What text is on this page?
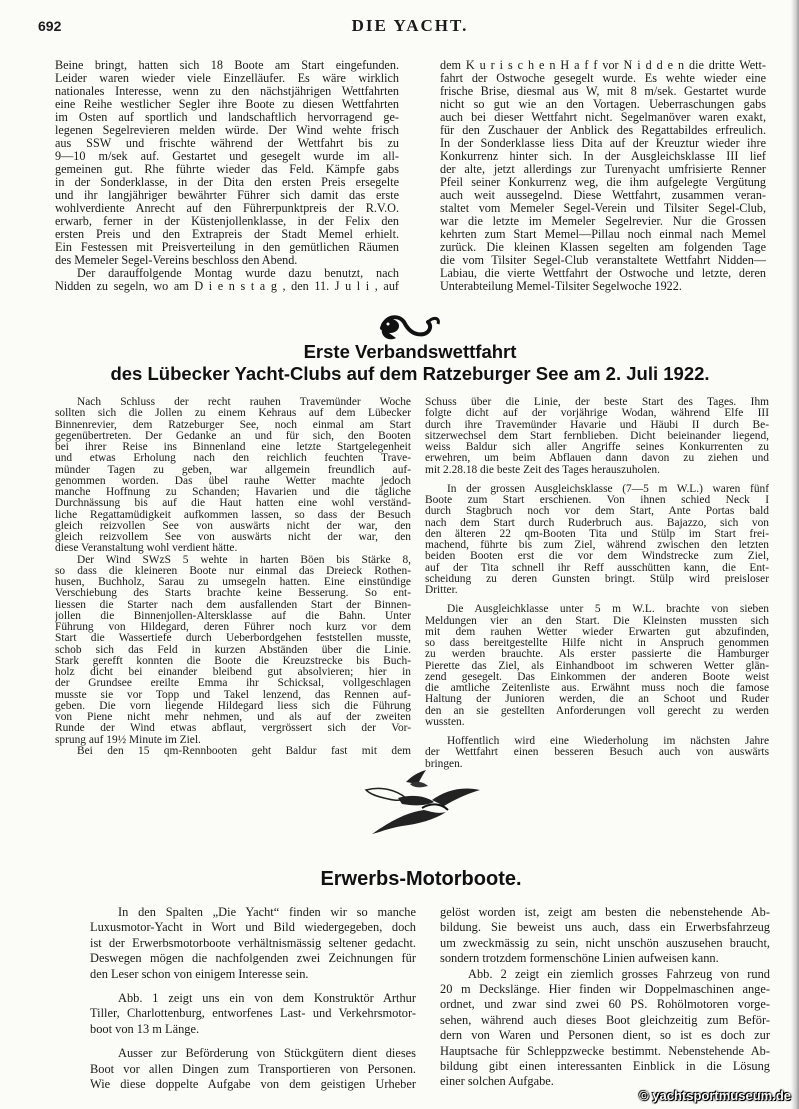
692	DIE YACHT.
Beine bringt, hatten sich 18 Boote am Start eingefunden.
Leider waren wieder viele Einzelläufer. Es wäre wirklich
nationales Interesse, wenn zu den nächstjährigen Wettfahrten
eine Reihe westlicher Segler ihre Boote zu diesen Wettfahrten
im Osten auf sportlich und landschaftlich hervorragend ge-
legenen Segelrevieren melden würde. Der Wind wehte frisch
aus SSW und frischte während der Wettfahrt bis zu
9—10 m/sek auf. Gestartet und gesegelt wurde im all-
gemeinen gut. Rhe führte wieder das Feld. Kämpfe gabs
in der Sonderklasse, in der Dita den ersten Preis ersegelte
und ihr langjähriger bewährter Führer sich damit das erste
wohlverdiente Anrecht auf den Führerpunktpreis der R.V.O.
erwarb, ferner in der Küstenjollenklasse, in der Felix den
ersten Preis und den Extrapreis der Stadt Memel erhielt.
Ein Festessen mit Preisverteilung in den gemütlichen Räumen
des Memeler Segel-Vereins beschloss den Abend.
Der darauffolgende Montag wurde dazu benutzt, nach
Nidden zu segeln, wo am D i e n s t a g , den 11. J u l i , auf
dem K u r i s c h e n H a f f vor N i d d e n die dritte Wett-
fahrt der Ostwoche gesegelt wurde. Es wehte wieder eine
frische Brise, diesmal aus W, mit 8 m/sek. Gestartet wurde
nicht so gut wie an den Vortagen. Ueberraschungen gabs
auch bei dieser Wettfahrt nicht. Segelmanöver waren exakt,
für den Zuschauer der Anblick des Regattabildes erfreulich.
In der Sonderklasse liess Dita auf der Kreuztur wieder ihre
Konkurrenz hinter sich. In der Ausgleichsklasse III lief
der alte, jetzt allerdings zur Turenyacht umfrisierte Renner
Pfeil seiner Konkurrenz weg, die ihm aufgelegte Vergütung
auch weit aussegelnd. Diese Wettfahrt, zusammen veran-
staltet vom Memeler Segel-Verein und Tilsiter Segel-Club,
war die letzte im Memeler Segelrevier. Nur die Grossen
kehrten zum Start Memel—Pillau noch einmal nach Memel
zurück. Die kleinen Klassen segelten am folgenden Tage
die vom Tilsiter Segel-Club veranstaltete Wettfahrt Nidden—
Labiau, die vierte Wettfahrt der Ostwoche und letzte, deren
Unterabteilung Memel-Tilsiter Segelwoche 1922.
Erste Verbandswettfahrt
des Lübecker Yacht-Clubs auf dem Ratzeburger See am 2. Juli 1922.
Nach Schluss der recht rauhen Travemünder Woche
sollten sich die Jollen zu einem Kehraus auf dem Lübecker
Binnenrevier, dem Ratzeburger See, noch einmal am Start
gegenübertreten. Der Gedanke an und für sich, den Booten
bei ihrer Reise ins Binnenland eine letzte Startgelegenheit
und etwas Erholung nach den reichlich feuchten Trave-
münder Tagen zu geben, war allgemein freundlich auf-
genommen worden. Das übel rauhe Wetter machte jedoch
manche Hoffnung zu Schanden; Havarien und die tägliche
Durchnässung bis auf die Haut hatten eine wohl verständ-
liche Regattamüdigkeit aufkommen lassen, so dass der Besuch
gleich reizvollen See von auswärts nicht der war, den
gleich reizvollem See von auswärts nicht der war, den
diese Veranstaltung wohl verdient hätte.
Der Wind SWzS 5 wehte in harten Böen bis Stärke 8,
so dass die kleineren Boote nur einmal das Dreieck Rothen-
husen, Buchholz, Sarau zu umsegeln hatten. Eine einstündige
Verschiebung des Starts brachte keine Besserung. So ent-
liessen die Starter nach dem ausfallenden Start der Binnen-
jollen die Binnenjollen-Altersklasse auf die Bahn. Unter
Führung von Hildegard, deren Führer noch kurz vor dem
Start die Wassertiefe durch Ueberbordgehen feststellen musste,
schob sich das Feld in kurzen Abständen über die Linie.
Stark gerefft konnten die Boote die Kreuzstrecke bis Buch-
holz dicht bei einander bleibend gut absolvieren; hier in
der Grundsee ereilte Emma ihr Schicksal, vollgeschlagen
musste sie vor Topp und Takel lenzend, das Rennen auf-
geben. Die vorn liegende Hildegard liess sich die Führung
von Piene nicht mehr nehmen, und als auf der zweiten
Runde der Wind etwas abflaut, vergrössert sich der Vor-
sprung auf 19½ Minute im Ziel.
Bei den 15 qm-Rennbooten geht Baldur fast mit dem
Schuss über die Linie, der beste Start des Tages. Ihm
folgte dicht auf der vorjährige Wodan, während Elfe III
durch ihre Travemünder Havarie und Häubi II durch Be-
sitzerwechsel dem Start fernblieben. Dicht beieinander liegend,
weiss Baldur sich aller Angriffe seines Konkurrenten zu
erwehren, um beim Abflauen dann davon zu ziehen und
mit 2.28.18 die beste Zeit des Tages herauszuholen.
In der grossen Ausgleichsklasse (7—5 m W.L.) waren fünf
Boote zum Start erschienen. Von ihnen schied Neck I
durch Stagbruch noch vor dem Start, Ante Portas bald
nach dem Start durch Ruderbruch aus. Bajazzo, sich von
den älteren 22 qm-Booten Tita und Stülp im Start frei-
machend, führte bis zum Ziel, während zwischen den letzten
beiden Booten erst die vor dem Windstrecke zum Ziel,
auf der Tita schnell ihr Reff ausschütten kann, die Ent-
scheidung zu deren Gunsten bringt. Stülp wird preisloser
Dritter.
Die Ausgleichklasse unter 5 m W.L. brachte von sieben
Meldungen vier an den Start. Die Kleinsten mussten sich
mit dem rauhen Wetter wieder Erwarten gut abzufinden,
so dass bereitgestellte Hilfe nicht in Anspruch genommen
zu werden brauchte. Als erster passierte die Hamburger
Pierette das Ziel, als Einhandboot im schweren Wetter glän-
zend gesegelt. Das Einkommen der anderen Boote weist
die amtliche Zeitenliste aus. Erwähnt muss noch die famose
Haltung der Junioren werden, die an Schoot und Ruder
den an sie gestellten Anforderungen voll gerecht zu werden
wussten.
Hoffentlich wird eine Wiederholung im nächsten Jahre
der Wettfahrt einen besseren Besuch auch von auswärts
bringen.
Erwerbs-Motorboote.
In den Spalten „Die Yacht“ finden wir so manche
Luxusmotor-Yacht in Wort und Bild wiedergegeben, doch
ist der Erwerbsmotorboote verhältnismässig seltener gedacht.
Deswegen mögen die nachfolgenden zwei Zeichnungen für
den Leser schon von einigem Interesse sein.
Abb. 1 zeigt uns ein von dem Konstruktör Arthur
Tiller, Charlottenburg, entworfenes Last- und Verkehrsmotor-
boot von 13 m Länge.
Ausser zur Beförderung von Stückgütern dient dieses
Boot vor allen Dingen zum Transportieren von Personen.
Wie diese doppelte Aufgabe von dem geistigen Urheber
gelöst worden ist, zeigt am besten die nebenstehende Ab-
bildung. Sie beweist uns auch, dass ein Erwerbsfahrzeug
um zweckmässig zu sein, nicht unschön auszusehen braucht,
sondern trotzdem formenschöne Linien aufweisen kann.
Abb. 2 zeigt ein ziemlich grosses Fahrzeug von rund
20 m Deckslänge. Hier finden wir Doppelmaschinen ange-
ordnet, und zwar sind zwei 60 PS. Rohölmotoren vorge-
sehen, während auch dieses Boot gleichzeitig zum Beför-
dern von Waren und Personen dient, so ist es doch zur
Hauptsache für Schleppzwecke bestimmt. Nebenstehende Ab-
bildung gibt einen interessanten Einblick in die Lösung
einer solchen Aufgabe.
© yachtsportmuseum.de
